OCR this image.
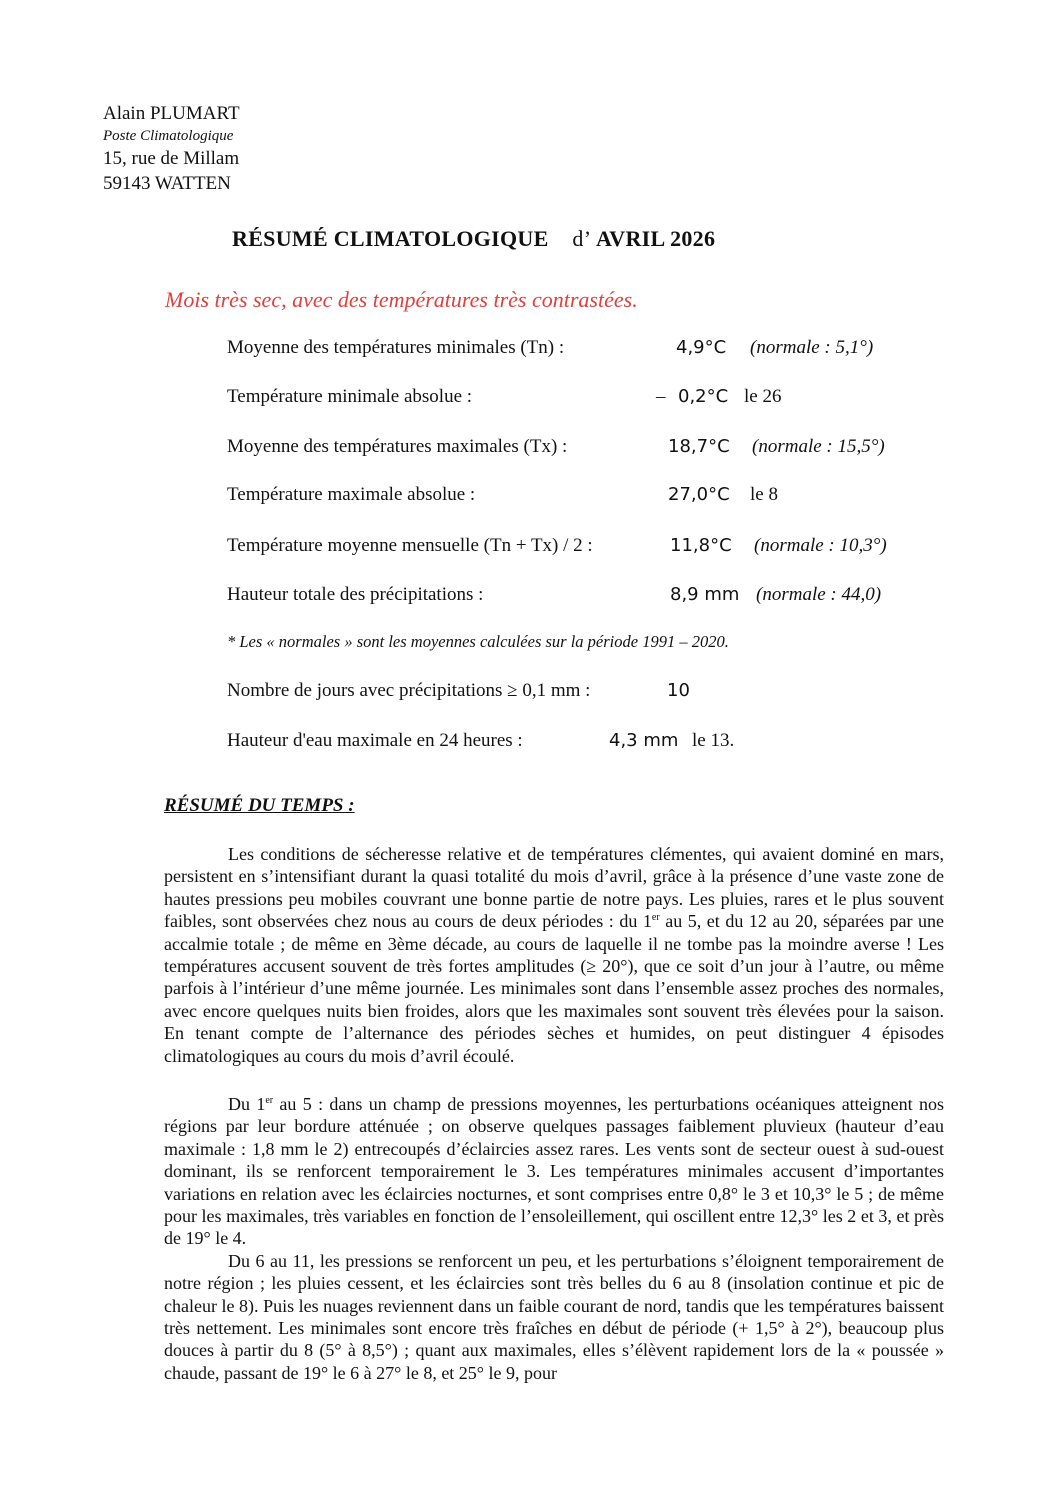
Alain PLUMART
Poste Climatologique
15, rue de Millam
59143 WATTEN
RÉSUMÉ CLIMATOLOGIQUE d’ AVRIL 2026
Mois très sec, avec des températures très contrastées.
Moyenne des températures minimales (Tn) :	4,9°C (normale : 5,1°)
Température minimale absolue :	– 0,2°C le 26
Moyenne des températures maximales (Tx) :	18,7°C (normale : 15,5°)
Température maximale absolue :	27,0°C le 8
Température moyenne mensuelle (Tn + Tx) / 2 :	11,8°C (normale : 10,3°)
Hauteur totale des précipitations :	8,9 mm (normale : 44,0)
* Les « normales » sont les moyennes calculées sur la période 1991 – 2020.
Nombre de jours avec précipitations ≥ 0,1 mm :	10
Hauteur d'eau maximale en 24 heures :	4,3 mm le 13.
RÉSUMÉ DU TEMPS :

Les conditions de sécheresse relative et de températures clémentes, qui avaient dominé en mars, persistent en s’intensifiant durant la quasi totalité du mois d’avril, grâce à la présence d’une vaste zone de hautes pressions peu mobiles couvrant une bonne partie de notre pays. Les pluies, rares et le plus souvent faibles, sont observées chez nous au cours de deux périodes : du 1er au 5, et du 12 au 20, séparées par une accalmie totale ; de même en 3ème décade, au cours de laquelle il ne tombe pas la moindre averse ! Les températures accusent souvent de très fortes amplitudes (≥ 20°), que ce soit d’un jour à l’autre, ou même parfois à l’intérieur d’une même journée. Les minimales sont dans l’ensemble assez proches des normales, avec encore quelques nuits bien froides, alors que les maximales sont souvent très élevées pour la saison. En tenant compte de l’alternance des périodes sèches et humides, on peut distinguer 4 épisodes climatologiques au cours du mois d’avril écoulé.

Du 1er au 5 : dans un champ de pressions moyennes, les perturbations océaniques atteignent nos régions par leur bordure atténuée ; on observe quelques passages faiblement pluvieux (hauteur d’eau maximale : 1,8 mm le 2) entrecoupés d’éclaircies assez rares. Les vents sont de secteur ouest à sud-ouest dominant, ils se renforcent temporairement le 3. Les températures minimales accusent d’importantes variations en relation avec les éclaircies nocturnes, et sont comprises entre 0,8° le 3 et 10,3° le 5 ; de même pour les maximales, très variables en fonction de l’ensoleillement, qui oscillent entre 12,3° les 2 et 3, et près de 19° le 4.

Du 6 au 11, les pressions se renforcent un peu, et les perturbations s’éloignent temporairement de notre région ; les pluies cessent, et les éclaircies sont très belles du 6 au 8 (insolation continue et pic de chaleur le 8). Puis les nuages reviennent dans un faible courant de nord, tandis que les températures baissent très nettement. Les minimales sont encore très fraîches en début de période (+ 1,5° à 2°), beaucoup plus douces à partir du 8 (5° à 8,5°) ; quant aux maximales, elles s’élèvent rapidement lors de la « poussée » chaude, passant de 19° le 6 à 27° le 8, et 25° le 9, pour
